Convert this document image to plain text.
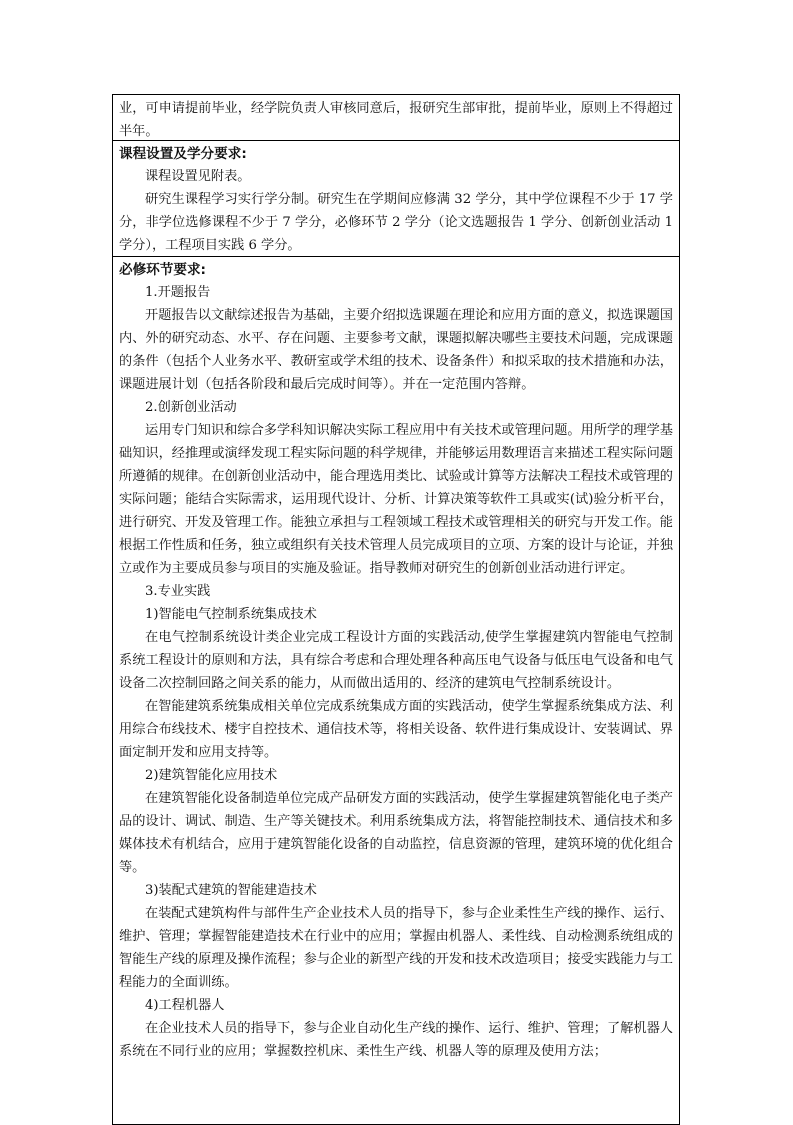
业，可申请提前毕业，经学院负责人审核同意后，报研究生部审批，提前毕业，原则上不得超过半年。

课程设置及学分要求:

课程设置见附表。

研究生课程学习实行学分制。研究生在学期间应修满 32 学分，其中学位课程不少于 17 学分，非学位选修课程不少于 7 学分，必修环节 2 学分（论文选题报告 1 学分、创新创业活动 1 学分），工程项目实践 6 学分。

必修环节要求:

1.开题报告

开题报告以文献综述报告为基础，主要介绍拟选课题在理论和应用方面的意义，拟选课题国内、外的研究动态、水平、存在问题、主要参考文献，课题拟解决哪些主要技术问题，完成课题的条件（包括个人业务水平、教研室或学术组的技术、设备条件）和拟采取的技术措施和办法，课题进展计划（包括各阶段和最后完成时间等）。并在一定范围内答辩。

2.创新创业活动

运用专门知识和综合多学科知识解决实际工程应用中有关技术或管理问题。用所学的理学基础知识，经推理或演绎发现工程实际问题的科学规律，并能够运用数理语言来描述工程实际问题所遵循的规律。在创新创业活动中，能合理选用类比、试验或计算等方法解决工程技术或管理的实际问题；能结合实际需求，运用现代设计、分析、计算决策等软件工具或实(试)验分析平台，进行研究、开发及管理工作。能独立承担与工程领域工程技术或管理相关的研究与开发工作。能根据工作性质和任务，独立或组织有关技术管理人员完成项目的立项、方案的设计与论证，并独立或作为主要成员参与项目的实施及验证。指导教师对研究生的创新创业活动进行评定。

3.专业实践

1)智能电气控制系统集成技术

在电气控制系统设计类企业完成工程设计方面的实践活动,使学生掌握建筑内智能电气控制系统工程设计的原则和方法，具有综合考虑和合理处理各种高压电气设备与低压电气设备和电气设备二次控制回路之间关系的能力，从而做出适用的、经济的建筑电气控制系统设计。

在智能建筑系统集成相关单位完成系统集成方面的实践活动，使学生掌握系统集成方法、利用综合布线技术、楼宇自控技术、通信技术等，将相关设备、软件进行集成设计、安装调试、界面定制开发和应用支持等。

2)建筑智能化应用技术

在建筑智能化设备制造单位完成产品研发方面的实践活动，使学生掌握建筑智能化电子类产品的设计、调试、制造、生产等关键技术。利用系统集成方法，将智能控制技术、通信技术和多媒体技术有机结合，应用于建筑智能化设备的自动监控，信息资源的管理，建筑环境的优化组合等。

3)装配式建筑的智能建造技术

在装配式建筑构件与部件生产企业技术人员的指导下，参与企业柔性生产线的操作、运行、维护、管理；掌握智能建造技术在行业中的应用；掌握由机器人、柔性线、自动检测系统组成的智能生产线的原理及操作流程；参与企业的新型产线的开发和技术改造项目；接受实践能力与工程能力的全面训练。

4)工程机器人

在企业技术人员的指导下，参与企业自动化生产线的操作、运行、维护、管理；了解机器人系统在不同行业的应用；掌握数控机床、柔性生产线、机器人等的原理及使用方法；
